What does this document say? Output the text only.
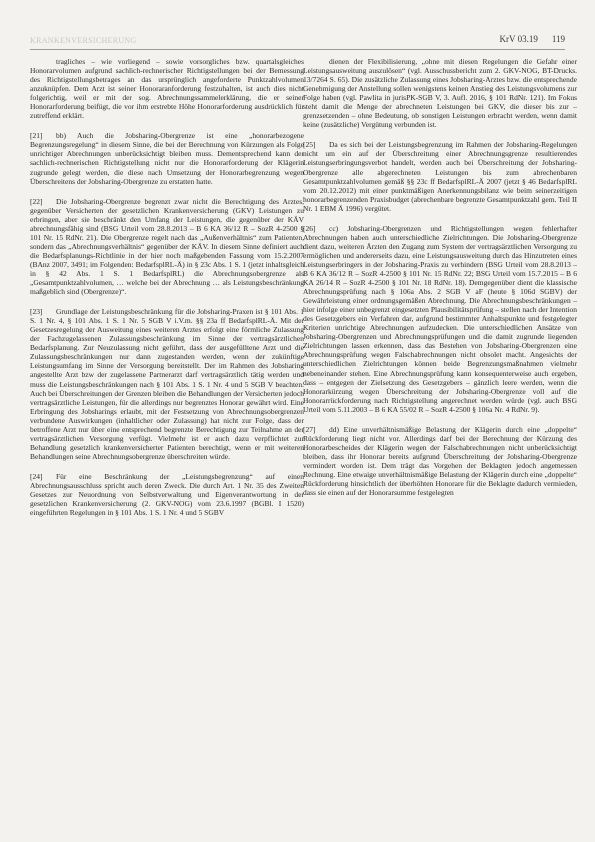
KRANKENVERSICHERUNG	KrV 03.19 119

tragliches – wie vorliegend – sowie vorsorgliches bzw. quartalsgleiches Honorarvolumen aufgrund sachlich-rechnerischer Richtigstellungen bei der Bemessung des Richtigstellungsbetrages an das ursprünglich angeforderte Punktzahlvolumen anzuknüpfen. Dem Arzt ist seiner Honoraranforderung festzuhalten, ist auch dies nicht folgerichtig, weil er mit der sog. Abrechnungssammelerklärung, die er seiner Honorarforderung beifügt, die vor ihm erstrebte Höhe Honorarforderung ausdrücklich für zutreffend erklärt.

[21] bb) Auch die Jobsharing-Obergrenze ist eine „honorarbezogene Begrenzungsregelung“ in diesem Sinne, die bei der Berechnung von Kürzungen als Folge unrichtiger Abrechnungen unberücksichtigt bleiben muss. Dementsprechend kann der sachlich-rechnerischen Richtigstellung nicht nur die Honorarforderung der Klägerin zugrunde gelegt werden, die diese nach Umsetzung der Honorarbegrenzung wegen Überschreitens der Jobsharing-Obergrenze zu erstatten hatte.

[22] Die Jobsharing-Obergrenze begrenzt zwar nicht die Berechtigung des Arztes, gegenüber Versicherten der gesetzlichen Krankenversicherung (GKV) Leistungen zu erbringen, aber sie beschränkt den Umfang der Leistungen, die gegenüber der KÄV abrechnungsfähig sind (BSG Urteil vom 28.8.2013 – B 6 KA 36/12 R – SozR 4-2500 § 101 Nr. 15 RdNr. 21). Die Obergrenze regelt nach das „Außenverhältnis“ zum Patienten, sondern das „Abrechnungsverhältnis“ gegenüber der KÄV. In diesem Sinne definiert auch die Bedarfsplanungs-Richtlinie in der hier noch maßgebenden Fassung vom 15.2.2007 (BAnz 2007, 3491; im Folgenden: BedarfsplRL-Ä) in § 23c Abs. 1 S. 1 (jetzt inhaltsgleich in § 42 Abs. 1 S. 1 BedarfsplRL) die Abrechnungsobergrenze als „Gesamtpunktzahlvolumen, … welche bei der Abrechnung … als Leistungsbeschränkung maßgeblich sind (Obergrenze)“.

[23] Grundlage der Leistungsbeschränkung für die Jobsharing-Praxen ist § 101 Abs. 1 S. 1 Nr. 4, § 101 Abs. 1 S. 1 Nr. 5 SGB V i.V.m. §§ 23a ff BedarfsplRL-Ä. Mit der Gesetzesregelung der Ausweitung eines weiteren Arztes erfolgt eine förmliche Zulassung der Fachzugelassenen Zulassungsbeschränkung im Sinne der vertragsärztlichen Bedarfsplanung. Zur Neuzulassung nicht geführt, dass der ausgefülltene Arzt und die Zulassungsbeschränkungen nur dann zugestanden werden, wenn der zukünftige Leistungsumfang im Sinne der Versorgung bereitstellt. Der im Rahmen des Jobsharing angestellte Arzt bzw der zugelassene Partnerarzt darf vertragsärztlich tätig werden und muss die Leistungsbeschränkungen nach § 101 Abs. 1 S. 1 Nr. 4 und 5 SGB V beachten. Auch bei Überschreitungen der Grenzen bleiben die Behandlungen der Versicherten jedoch vertragsärztliche Leistungen, für die allerdings nur begrenztes Honorar gewährt wird. Eine Erbringung des Jobsharings erlaubt, mit der Festsetzung von Abrechnungsobergrenzen verbundene Auswirkungen (inhaltlicher oder Zulassung) hat nicht zur Folge, dass der betroffene Arzt nur über eine entsprechend begrenzte Berechtigung zur Teilnahme an der vertragsärztlichen Versorgung verfügt. Vielmehr ist er auch dazu verpflichtet zur Behandlung gesetzlich krankenversicherter Patienten berechtigt, wenn er mit weiteren Behandlungen seine Abrechnungsobergrenze überschreiten würde.

[24] Für eine Beschränkung der „Leistungsbegrenzung“ auf einen Abrechnungsausschluss spricht auch deren Zweck. Die durch Art. 1 Nr. 35 des Zweiten Gesetzes zur Neuordnung von Selbstverwaltung und Eigenverantwortung in der gesetzlichen Krankenversicherung (2. GKV-NOG) vom 23.6.1997 (BGBl. I 1520) eingeführten Regelungen in § 101 Abs. 1 S. 1 Nr. 4 und 5 SGBV

dienen der Flexibilisierung, „ohne mit diesen Regelungen die Gefahr einer Leistungsausweitung auszulösen“ (vgl. Ausschussbericht zum 2. GKV-NOG, BT-Drucks. 13/7264 S. 65). Die zusätzliche Zulassung eines Jobsharing-Arztes bzw. die entsprechende Genehmigung der Anstellung sollen wenigstens keinen Anstieg des Leistungsvolumens zur Folge haben (vgl. Pawlita in jurisPK-SGB V, 3. Aufl. 2016, § 101 RdNr. 121). Im Fokus steht damit die Menge der abrechneten Leistungen bei GKV, die dieser bis zur – grenzsetzenden – ohne Bedeutung, ob sonstigen Leistungen erbracht werden, wenn damit keine (zusätzliche) Vergütung verbunden ist.

[25] Da es sich bei der Leistungsbegrenzung im Rahmen der Jobsharing-Regelungen nicht um ein auf der Überschreitung einer Abrechnungsgrenze resultierendes Leistungserbringungsverbot handelt, werden auch bei Überschreitung der Jobsharing-Obergrenze alle abgerechneten Leistungen bis zum abrechenbaren Gesamtpunktzahlvolumen gemäß §§ 23c ff BedarfsplRL-Ä 2007 (jetzt § 46 BedarfsplRL vom 20.12.2012) mit einer punktmäßigen Anerkennungsbilanz wie beim seinerzeitigen honorarbegrenzenden Praxisbudget (abrechenbare begrenzte Gesamtpunktzahl gem. Teil II Nr. 1 EBM Ä 1996) vergütet.

[26] cc) Jobsharing-Obergrenzen und Richtigstellungen wegen fehlerhafter Abrechnungen haben auch unterschiedliche Zielrichtungen. Die Jobsharing-Obergrenze dient dazu, weiteren Ärzten den Zugang zum System der vertragsärztlichen Versorgung zu ermöglichen und andererseits dazu, eine Leistungsausweitung durch das Hinzutreten eines Leistungserbringers in der Jobsharing-Praxis zu verhindern (BSG Urteil vom 28.8.2013 – B 6 KA 36/12 R – SozR 4-2500 § 101 Nr. 15 RdNr. 22; BSG Urteil vom 15.7.2015 – B 6 KA 26/14 R – SozR 4-2500 § 101 Nr. 18 RdNr. 18). Demgegenüber dient die klassische Abrechnungsprüfung nach § 106a Abs. 2 SGB V aF (heute § 106d SGBV) der Gewährleistung einer ordnungsgemäßen Abrechnung. Die Abrechnungsbeschränkungen – hier infolge einer unbegrenzt eingesetzten Plausibilitätsprüfung – stellen nach der Intention des Gesetzgebers ein Verfahren dar, aufgrund bestimmter Anhaltspunkte und festgelegter Kriterien unrichtige Abrechnungen aufzudecken. Die unterschiedlichen Ansätze von Jobsharing-Obergrenzen und Abrechnungsprüfungen und die damit zugrunde liegenden Zielrichtungen lassen erkennen, dass das Bestehen von Jobsharing-Obergrenzen eine Abrechnungsprüfung wegen Falschabrechnungen nicht obsolet macht. Angesichts der unterschiedlichen Zielrichtungen können beide Begrenzungsmaßnahmen vielmehr nebeneinander stehen. Eine Abrechnungsprüfung kann konsequenterweise auch ergeben, dass – entgegen der Zielsetzung des Gesetzgebers – gänzlich leere werden, wenn die Honorarkürzung wegen Überschreitung der Jobsharing-Obergrenze voll auf die Honorarrückforderung nach Richtigstellung angerechnet werden würde (vgl. auch BSG Urteil vom 5.11.2003 – B 6 KA 55/02 R – SozR 4-2500 § 106a Nr. 4 RdNr. 9).

[27] dd) Eine unverhältnismäßige Belastung der Klägerin durch eine „doppelte“ Rückforderung liegt nicht vor. Allerdings darf bei der Berechnung der Kürzung des Honorarbescheides der Klägerin wegen der Falschabrechnungen nicht unberücksichtigt bleiben, dass ihr Honorar bereits aufgrund Überschreitung der Jobsharing-Obergrenze vermindert worden ist. Dem trägt das Vorgehen der Beklagten jedoch angemessen Rechnung. Eine etwaige unverhältnismäßige Belastung der Klägerin durch eine „doppelte“ Rückforderung hinsichtlich der überhöhten Honorare für die Beklagte dadurch vermieden, dass sie einen auf der Honorarsumme festgelegten
